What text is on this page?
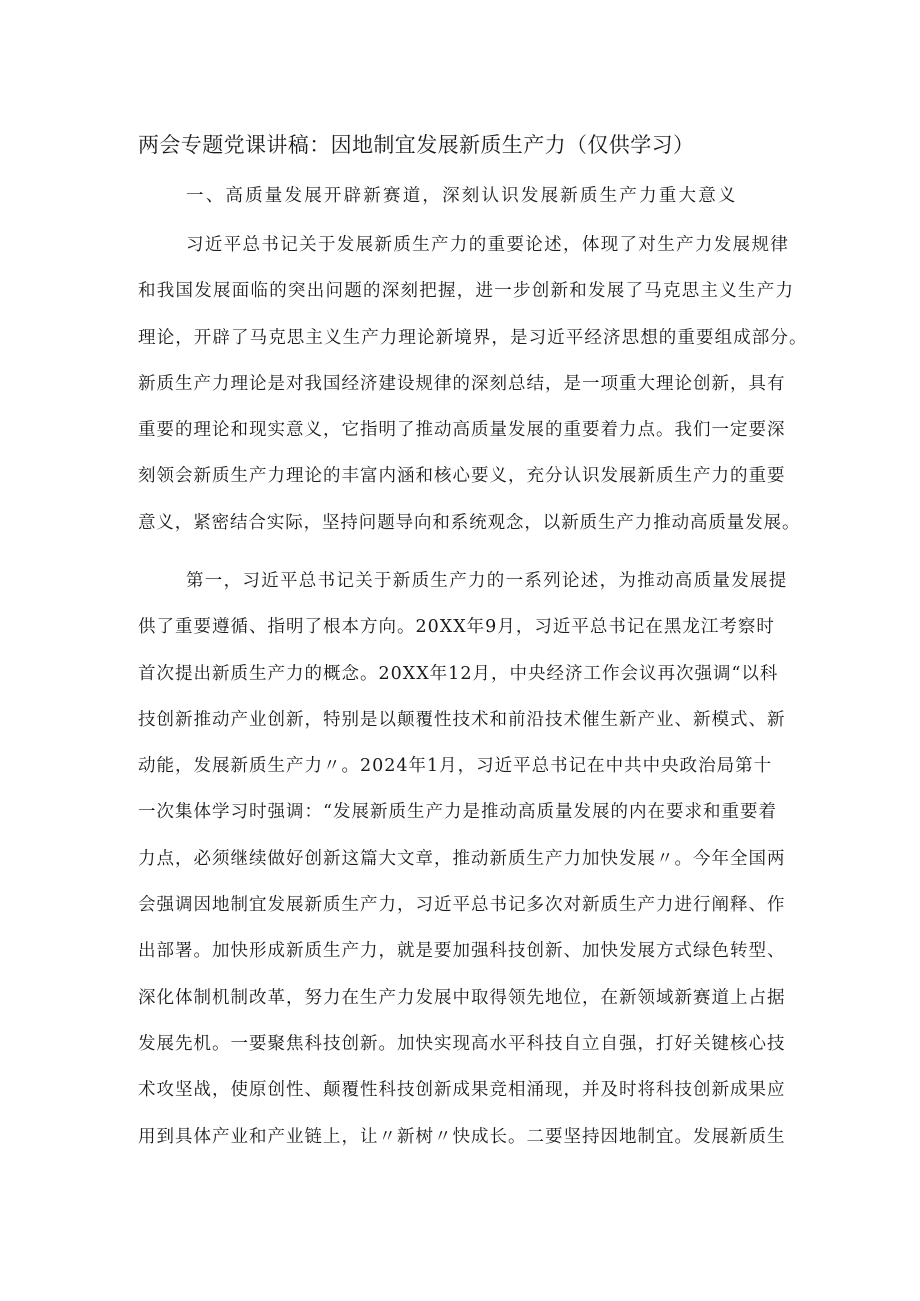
两会专题党课讲稿：因地制宜发展新质生产力（仅供学习）
一、高质量发展开辟新赛道，深刻认识发展新质生产力重大意义
习近平总书记关于发展新质生产力的重要论述，体现了对生产力发展规律
和我国发展面临的突出问题的深刻把握，进一步创新和发展了马克思主义生产力
理论，开辟了马克思主义生产力理论新境界，是习近平经济思想的重要组成部分。
新质生产力理论是对我国经济建设规律的深刻总结，是一项重大理论创新，具有
重要的理论和现实意义，它指明了推动高质量发展的重要着力点。我们一定要深
刻领会新质生产力理论的丰富内涵和核心要义，充分认识发展新质生产力的重要
意义，紧密结合实际，坚持问题导向和系统观念，以新质生产力推动高质量发展。
第一，习近平总书记关于新质生产力的一系列论述，为推动高质量发展提
供了重要遵循、指明了根本方向。20XX年9月，习近平总书记在黑龙江考察时
首次提出新质生产力的概念。20XX年12月，中央经济工作会议再次强调“以科
技创新推动产业创新，特别是以颠覆性技术和前沿技术催生新产业、新模式、新
动能，发展新质生产力〃。2024年1月，习近平总书记在中共中央政治局第十
一次集体学习时强调：“发展新质生产力是推动高质量发展的内在要求和重要着
力点，必须继续做好创新这篇大文章，推动新质生产力加快发展〃。今年全国两
会强调因地制宜发展新质生产力，习近平总书记多次对新质生产力进行阐释、作
出部署。加快形成新质生产力，就是要加强科技创新、加快发展方式绿色转型、
深化体制机制改革，努力在生产力发展中取得领先地位，在新领域新赛道上占据
发展先机。一要聚焦科技创新。加快实现高水平科技自立自强，打好关键核心技
术攻坚战，使原创性、颠覆性科技创新成果竞相涌现，并及时将科技创新成果应
用到具体产业和产业链上，让〃新树〃快成长。二要坚持因地制宜。发展新质生
